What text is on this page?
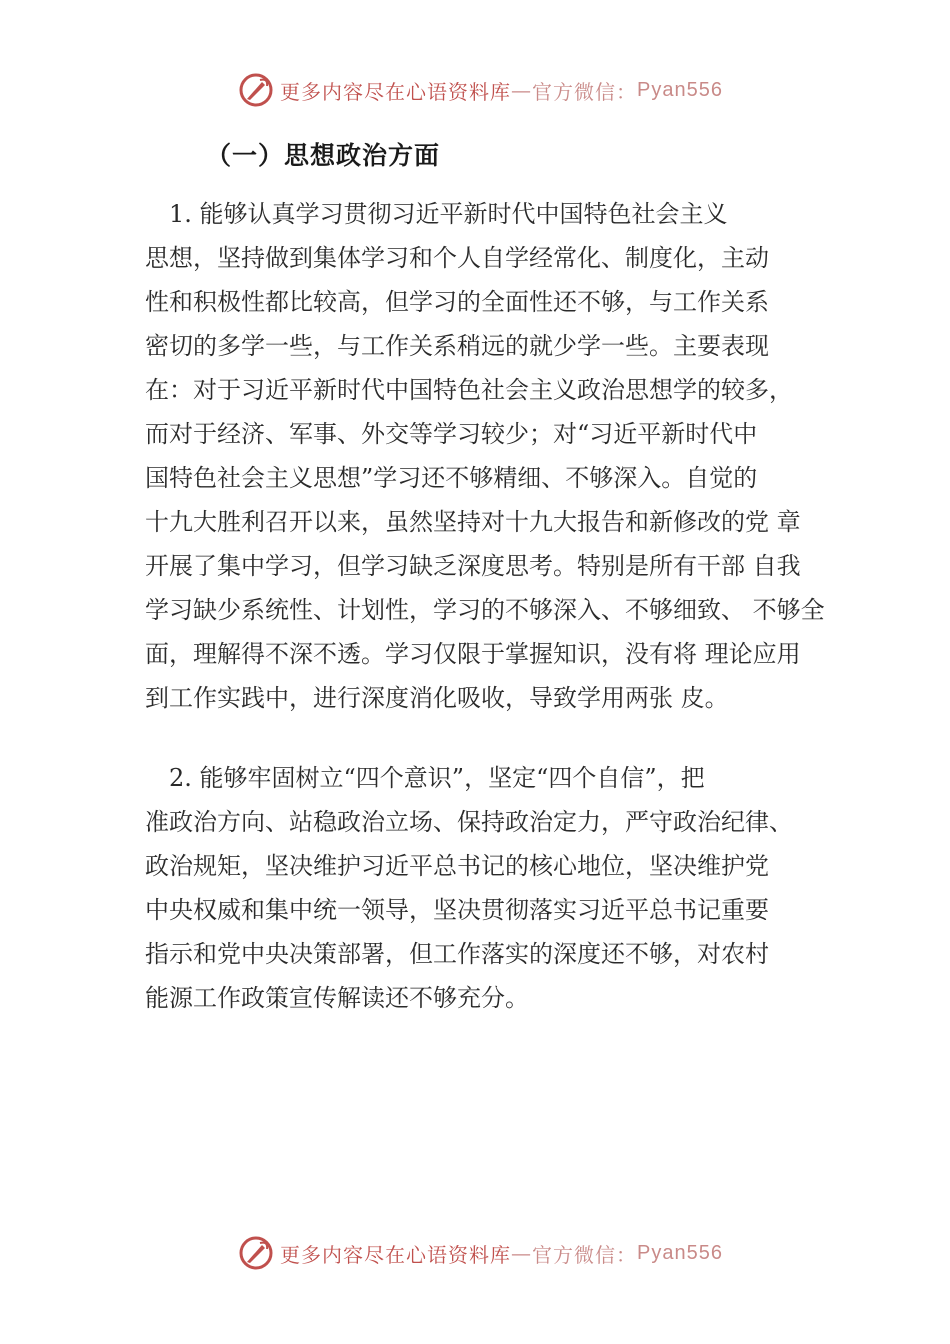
更多内容尽在心语资料库 — 官方微信： Pyan556
（一）思想政治方面
　1. 能够认真学习贯彻习近平新时代中国特色社会主义
思想，坚持做到集体学习和个人自学经常化、制度化，主动
性和积极性都比较高，但学习的全面性还不够，与工作关系
密切的多学一些，与工作关系稍远的就少学一些。主要表现
在：对于习近平新时代中国特色社会主义政治思想学的较多，
而对于经济、军事、外交等学习较少；对“习近平新时代中
国特色社会主义思想”学习还不够精细、不够深入。自觉的
十九大胜利召开以来，虽然坚持对十九大报告和新修改的党 章
开展了集中学习，但学习缺乏深度思考。特别是所有干部 自我
学习缺少系统性、计划性，学习的不够深入、不够细致、 不够全
面，理解得不深不透。学习仅限于掌握知识，没有将 理论应用
到工作实践中，进行深度消化吸收，导致学用两张 皮。
　2. 能够牢固树立“四个意识”，坚定“四个自信”，把
准政治方向、站稳政治立场、保持政治定力，严守政治纪律、
政治规矩，坚决维护习近平总书记的核心地位，坚决维护党
中央权威和集中统一领导，坚决贯彻落实习近平总书记重要
指示和党中央决策部署，但工作落实的深度还不够，对农村
能源工作政策宣传解读还不够充分。
更多内容尽在心语资料库 — 官方微信： Pyan556
